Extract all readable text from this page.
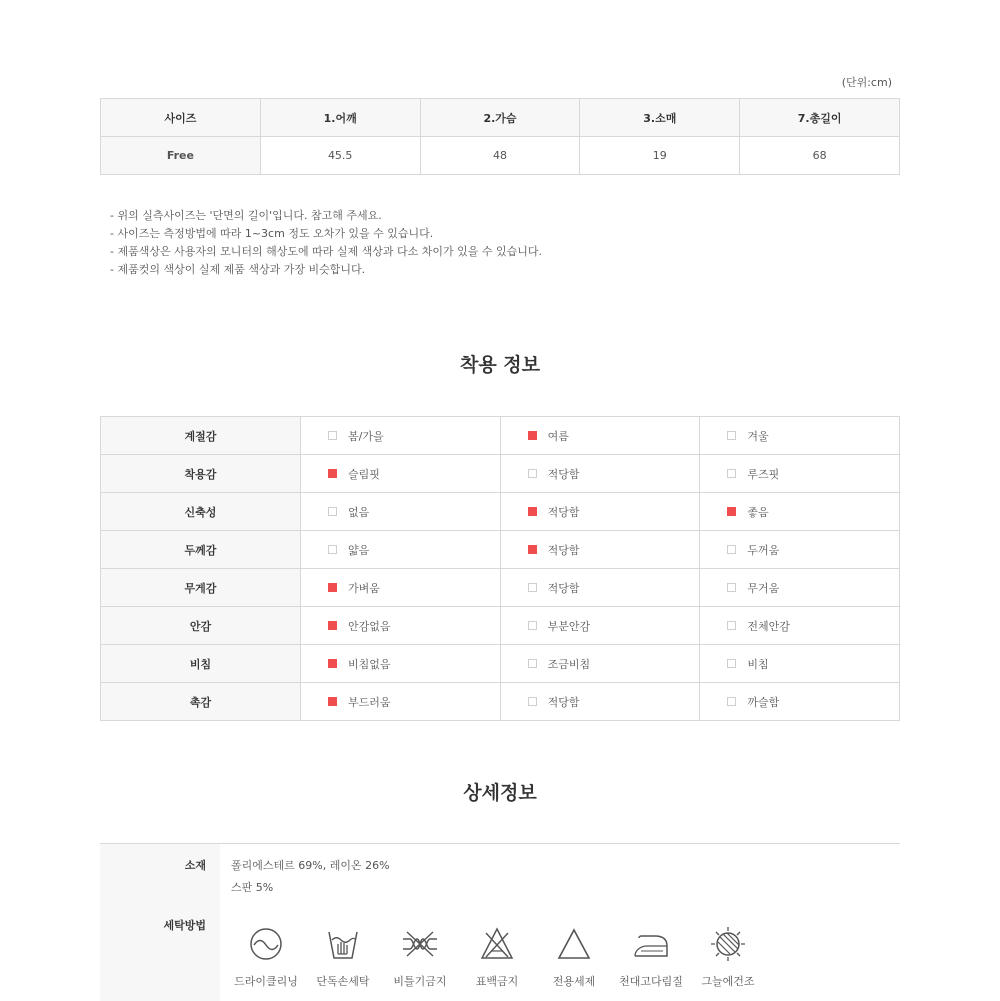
(단위:cm)
사이즈	1.어깨	2.가슴	3.소매	7.총길이
Free	45.5	48	19	68
- 위의 실측사이즈는 '단면의 길이'입니다. 참고해 주세요.
- 사이즈는 측정방법에 따라 1~3cm 정도 오차가 있을 수 있습니다.
- 제품색상은 사용자의 모니터의 해상도에 따라 실제 색상과 다소 차이가 있을 수 있습니다.
- 제품컷의 색상이 실제 제품 색상과 가장 비슷합니다.
착용 정보
계절감	봄/가을	여름	겨울
착용감	슬림핏	적당함	루즈핏
신축성	없음	적당함	좋음
두께감	얇음	적당함	두꺼움
무게감	가벼움	적당함	무거움
안감	안감없음	부분안감	전체안감
비침	비침없음	조금비침	비침
촉감	부드러움	적당함	까슬함
상세정보
소재 폴리에스테르 69%, 레이온 26%
스판 5%
세탁방법
드라이클리닝	단독손세탁	비틀기금지	표백금지	전용세제	천대고다림질	그늘에건조
